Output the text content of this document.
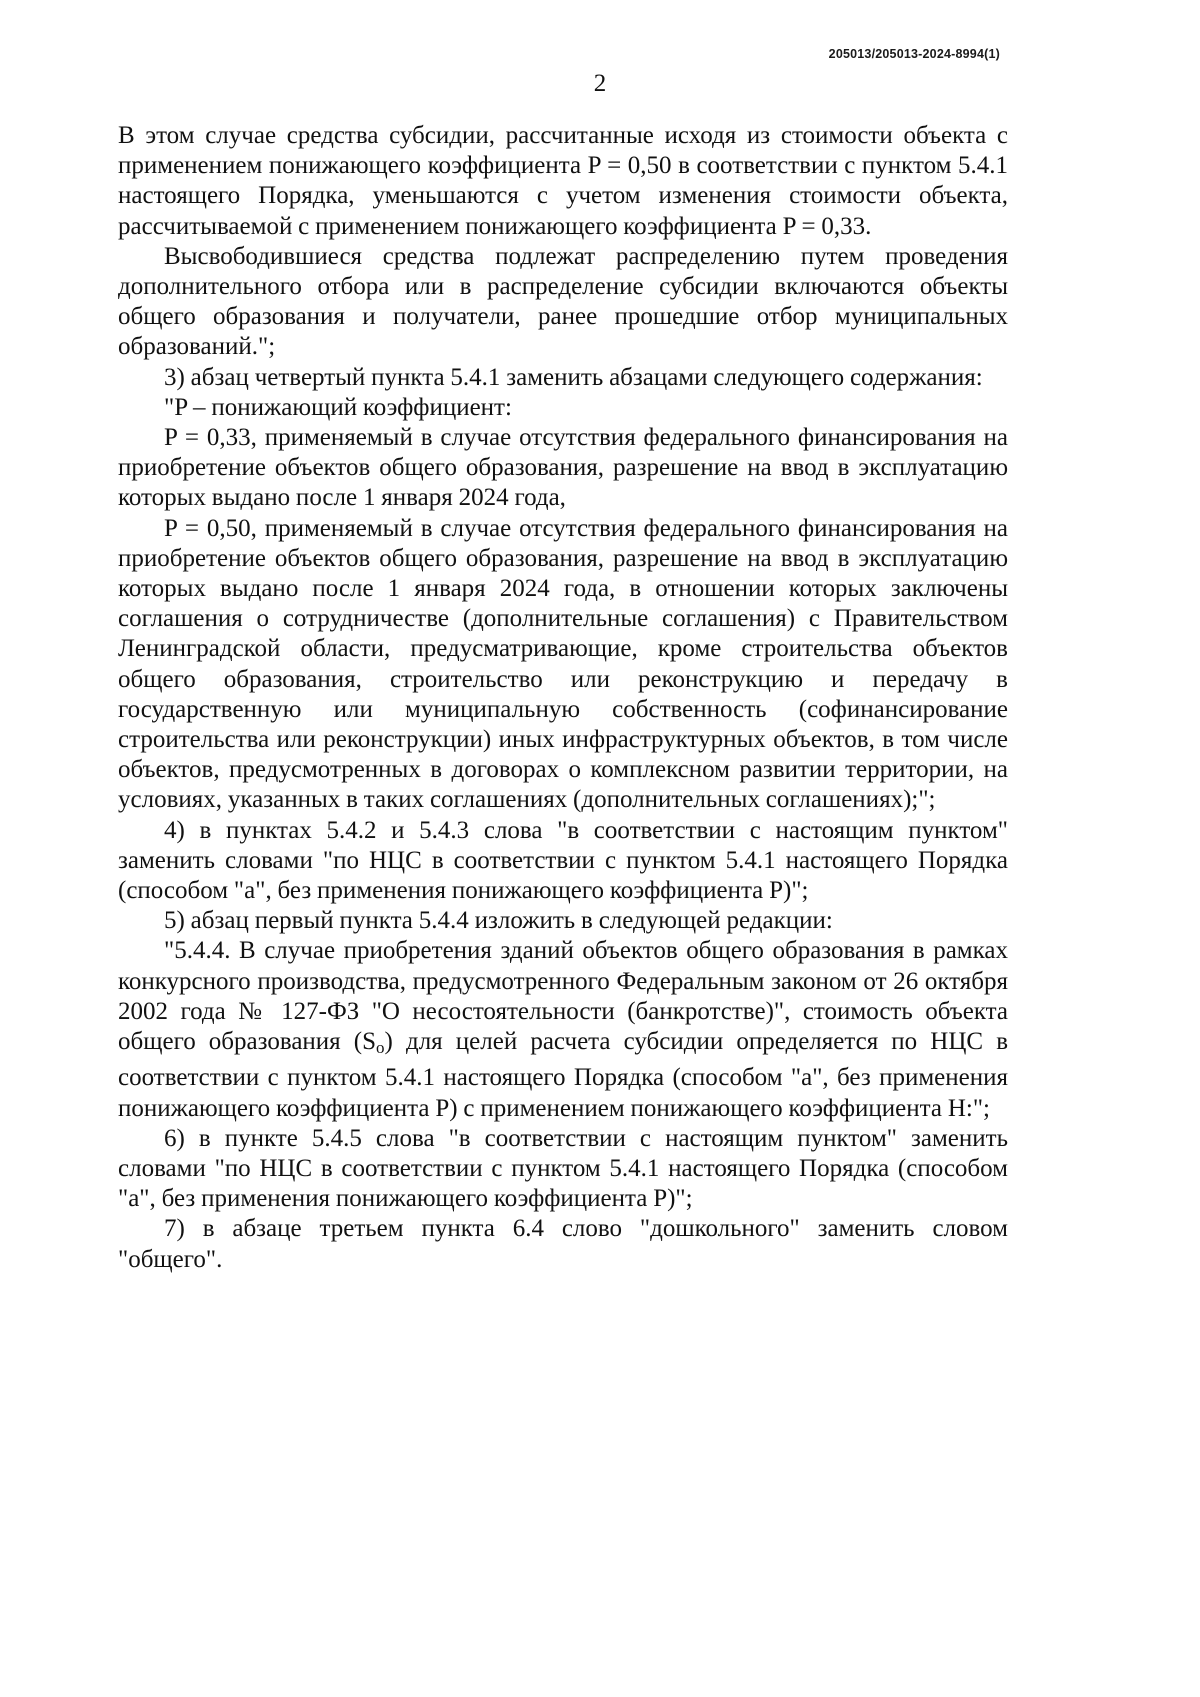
205013/205013-2024-8994(1)
2

В этом случае средства субсидии, рассчитанные исходя из стоимости объекта с применением понижающего коэффициента P = 0,50 в соответствии с пунктом 5.4.1 настоящего Порядка, уменьшаются с учетом изменения стоимости объекта, рассчитываемой с применением понижающего коэффициента P = 0,33.

Высвободившиеся средства подлежат распределению путем проведения дополнительного отбора или в распределение субсидии включаются объекты общего образования и получатели, ранее прошедшие отбор муниципальных образований.";

3) абзац четвертый пункта 5.4.1 заменить абзацами следующего содержания:

"P – понижающий коэффициент:

P = 0,33, применяемый в случае отсутствия федерального финансирования на приобретение объектов общего образования, разрешение на ввод в эксплуатацию которых выдано после 1 января 2024 года,

P = 0,50, применяемый в случае отсутствия федерального финансирования на приобретение объектов общего образования, разрешение на ввод в эксплуатацию которых выдано после 1 января 2024 года, в отношении которых заключены соглашения о сотрудничестве (дополнительные соглашения) с Правительством Ленинградской области, предусматривающие, кроме строительства объектов общего образования, строительство или реконструкцию и передачу в государственную или муниципальную собственность (софинансирование строительства или реконструкции) иных инфраструктурных объектов, в том числе объектов, предусмотренных в договорах о комплексном развитии территории, на условиях, указанных в таких соглашениях (дополнительных соглашениях);";

4) в пунктах 5.4.2 и 5.4.3 слова "в соответствии с настоящим пунктом" заменить словами "по НЦС в соответствии с пунктом 5.4.1 настоящего Порядка (способом "а", без применения понижающего коэффициента P)";

5) абзац первый пункта 5.4.4 изложить в следующей редакции:

"5.4.4. В случае приобретения зданий объектов общего образования в рамках конкурсного производства, предусмотренного Федеральным законом от 26 октября 2002 года № 127-ФЗ "О несостоятельности (банкротстве)", стоимость объекта общего образования $(S_o)$ для целей расчета субсидии определяется по НЦС в соответствии с пунктом 5.4.1 настоящего Порядка (способом "а", без применения понижающего коэффициента P) с применением понижающего коэффициента H:";

6) в пункте 5.4.5 слова "в соответствии с настоящим пунктом" заменить словами "по НЦС в соответствии с пунктом 5.4.1 настоящего Порядка (способом "а", без применения понижающего коэффициента P)";

7) в абзаце третьем пункта 6.4 слово "дошкольного" заменить словом "общего".
